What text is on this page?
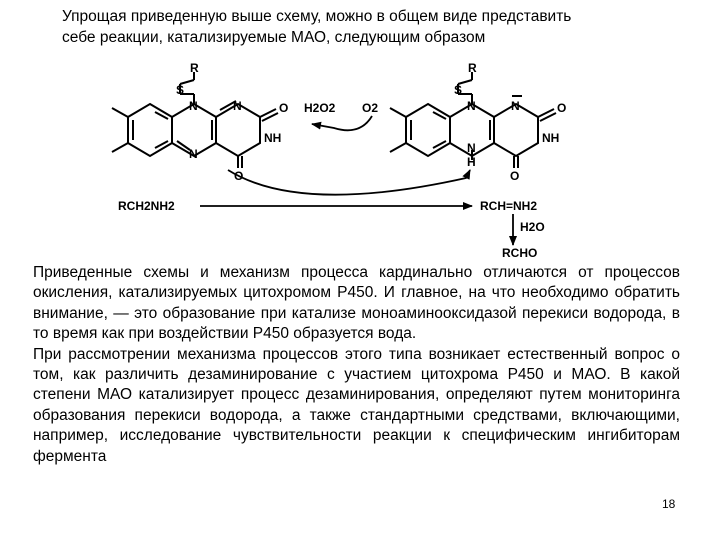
Упрощая приведенную выше схему, можно в общем виде представить
себе реакции, катализируемые МАО, следующим образом
R
S
N	N
N
O
O
NH
R
S
N	N
N
H
O
O
NH
H2O2 O2
RCH2NH2	RCH=NH2
H2O
RCHO

Приведенные схемы и механизм процесса кардинально отличаются от процессов окисления, катализируемых цитохромом Р450. И главное, на что необходимо обратить внимание, — это образование при катализе моноаминооксидазой перекиси водорода, в то время как при воздействии Р450 образуется вода.

При рассмотрении механизма процессов этого типа возникает естественный вопрос о том, как различить дезаминирование с участием цитохрома Р450 и МАО. В какой степени МАО катализирует процесс дезаминирования, определяют путем мониторинга образования перекиси водорода, а также стандартными средствами, включающими, например, исследование чувствительности реакции к специфическим ингибиторам фермента

18
